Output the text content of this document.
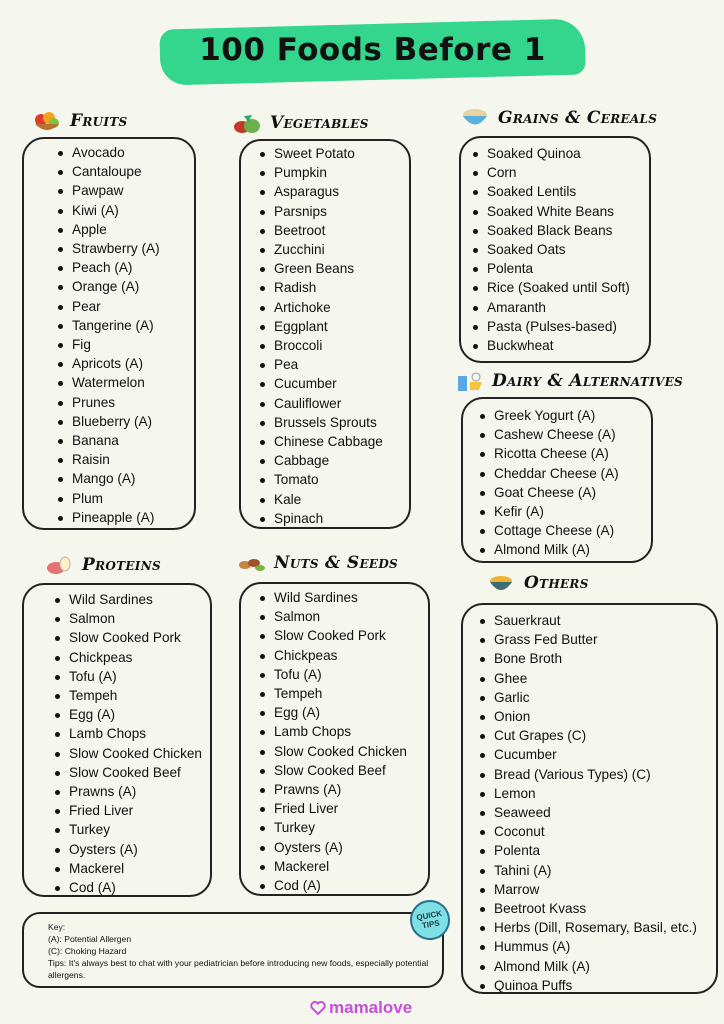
100 Foods Before 1
Fruits
Avocado
Cantaloupe
Pawpaw
Kiwi (A)
Apple
Strawberry (A)
Peach (A)
Orange (A)
Pear
Tangerine (A)
Fig
Apricots (A)
Watermelon
Prunes
Blueberry (A)
Banana
Raisin
Mango (A)
Plum
Pineapple (A)
Vegetables
Sweet Potato
Pumpkin
Asparagus
Parsnips
Beetroot
Zucchini
Green Beans
Radish
Artichoke
Eggplant
Broccoli
Pea
Cucumber
Cauliflower
Brussels Sprouts
Chinese Cabbage
Cabbage
Tomato
Kale
Spinach
Grains & Cereals
Soaked Quinoa
Corn
Soaked Lentils
Soaked White Beans
Soaked Black Beans
Soaked Oats
Polenta
Rice (Soaked until Soft)
Amaranth
Pasta (Pulses-based)
Buckwheat
Dairy & Alternatives
Greek Yogurt (A)
Cashew Cheese (A)
Ricotta Cheese (A)
Cheddar Cheese (A)
Goat Cheese (A)
Kefir (A)
Cottage Cheese (A)
Almond Milk (A)
Proteins
Wild Sardines
Salmon
Slow Cooked Pork
Chickpeas
Tofu (A)
Tempeh
Egg (A)
Lamb Chops
Slow Cooked Chicken
Slow Cooked Beef
Prawns (A)
Fried Liver
Turkey
Oysters (A)
Mackerel
Cod (A)
Nuts & Seeds
Wild Sardines
Salmon
Slow Cooked Pork
Chickpeas
Tofu (A)
Tempeh
Egg (A)
Lamb Chops
Slow Cooked Chicken
Slow Cooked Beef
Prawns (A)
Fried Liver
Turkey
Oysters (A)
Mackerel
Cod (A)
Others
Sauerkraut
Grass Fed Butter
Bone Broth
Ghee
Garlic
Onion
Cut Grapes (C)
Cucumber
Bread (Various Types) (C)
Lemon
Seaweed
Coconut
Polenta
Tahini (A)
Marrow
Beetroot Kvass
Herbs (Dill, Rosemary, Basil, etc.)
Hummus (A)
Almond Milk (A)
Quinoa Puffs
Key:
(A): Potential Allergen
(C): Choking Hazard
Tips: It's always best to chat with your pediatrician before introducing new foods, especially potential allergens.
QUICK TIPS
mamalove
